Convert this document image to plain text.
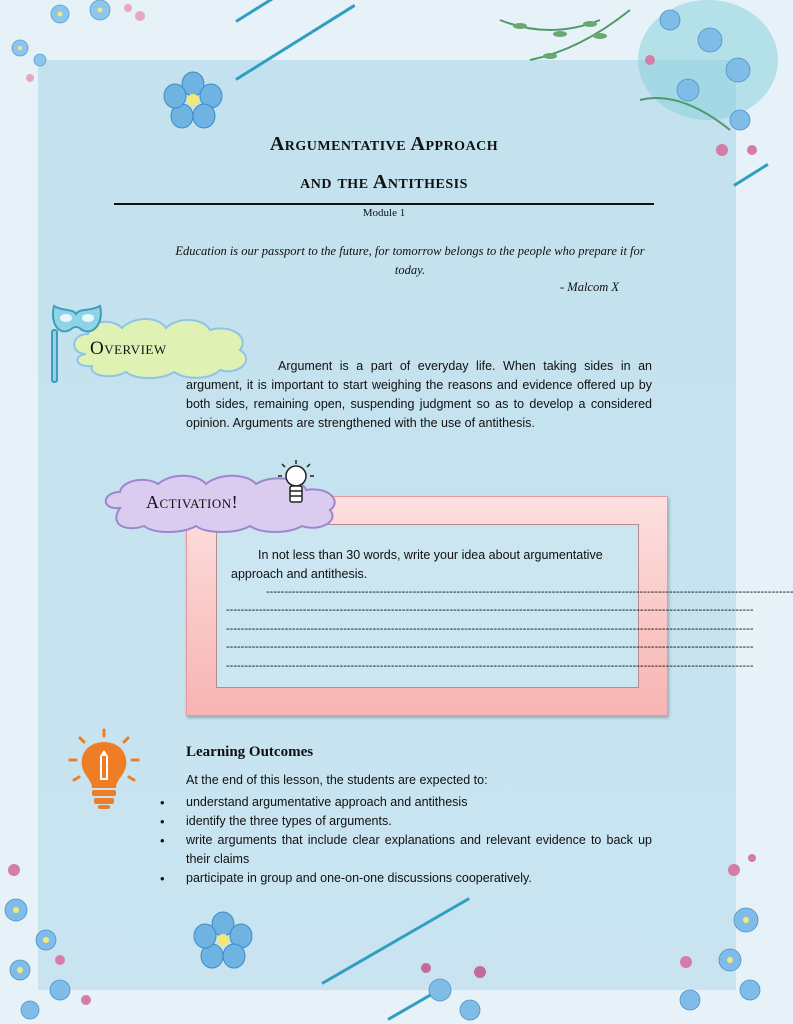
Argumentative Approach
and the Antithesis
Module 1
Education is our passport to the future, for tomorrow belongs to the people who prepare it for today.
- Malcom X
Overview
Argument is a part of everyday life. When taking sides in an argument, it is important to start weighing the reasons and evidence offered up by both sides, remaining open, suspending judgment so as to develop a considered opinion. Arguments are strengthened with the use of antithesis.
Activation!
In not less than 30 words, write your idea about argumentative approach and antithesis.
------------------------------------------------------------------------------------------------------------------------------------------------
------------------------------------------------------------------------------------------------------------------------------------------------
------------------------------------------------------------------------------------------------------------------------------------------------
------------------------------------------------------------------------------------------------------------------------------------------------
------------------------------------------------------------------------------------------------------------------------------------------------
Learning Outcomes
At the end of this lesson, the students are expected to:
• understand argumentative approach and antithesis
• identify the three types of arguments.
• write arguments that include clear explanations and relevant evidence to back up their claims
• participate in group and one-on-one discussions cooperatively.
